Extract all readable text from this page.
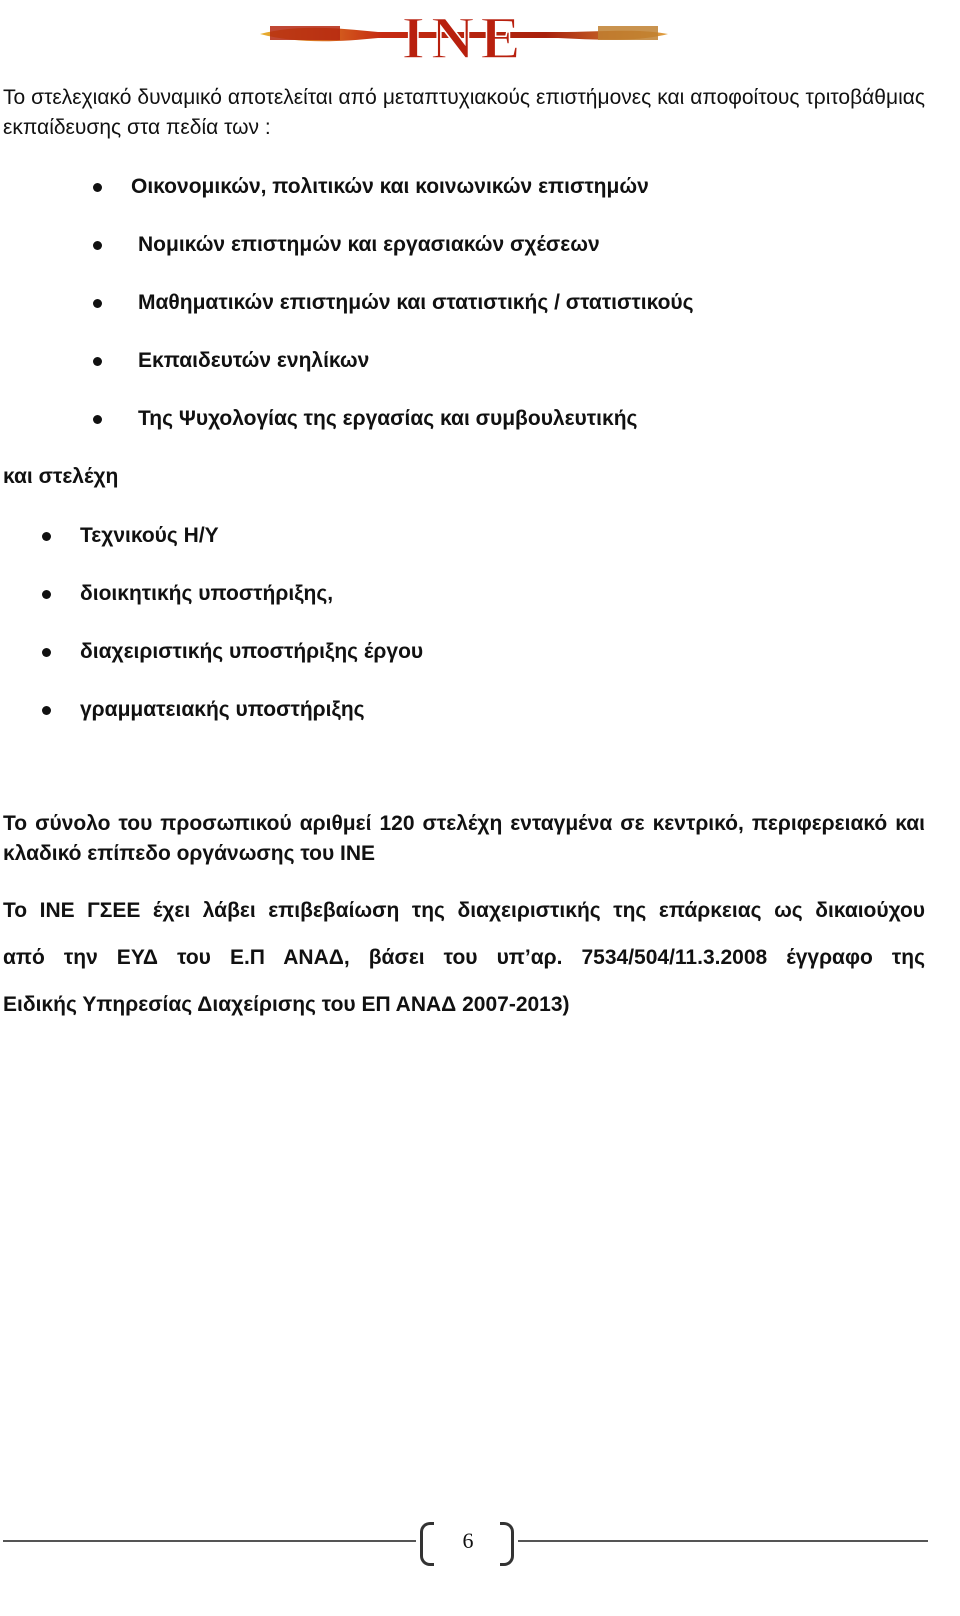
INE

Το στελεχιακό δυναμικό αποτελείται από μεταπτυχιακούς επιστήμονες και αποφοίτους τριτοβάθμιας εκπαίδευσης στα πεδία των :

Οικονομικών, πολιτικών και κοινωνικών επιστημών
Νομικών επιστημών και εργασιακών σχέσεων
Μαθηματικών επιστημών και στατιστικής / στατιστικούς
Εκπαιδευτών ενηλίκων
Της Ψυχολογίας της εργασίας και συμβουλευτικής
και στελέχη
Τεχνικούς Η/Υ
διοικητικής υποστήριξης,
διαχειριστικής υποστήριξης έργου
γραμματειακής υποστήριξης

Το σύνολο του προσωπικού αριθμεί 120 στελέχη ενταγμένα σε κεντρικό, περιφερειακό και κλαδικό επίπεδο οργάνωσης του ΙΝΕ

Το ΙΝΕ ΓΣΕΕ έχει λάβει επιβεβαίωση της διαχειριστικής της επάρκειας ως δικαιούχου
από την ΕΥΔ του Ε.Π ΑΝΑΔ, βάσει του υπ’αρ. 7534/504/11.3.2008 έγγραφο της
Ειδικής Υπηρεσίας Διαχείρισης του ΕΠ ΑΝΑΔ 2007-2013)
6
